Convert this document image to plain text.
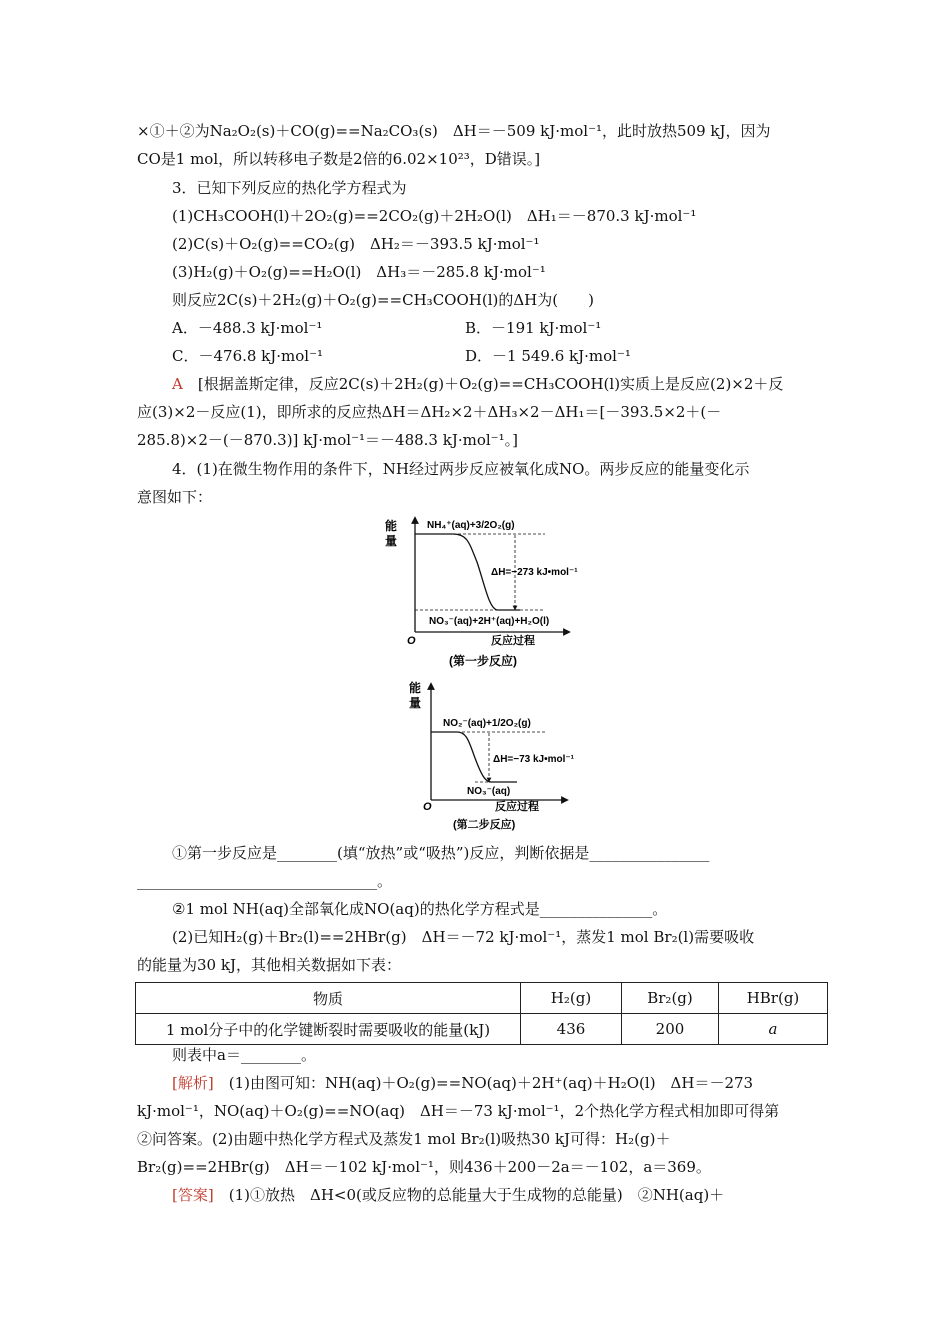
×①＋②为Na₂O₂(s)＋CO(g)==Na₂CO₃(s)　ΔH＝－509 kJ·mol⁻¹，此时放热509 kJ，因为
CO是1 mol，所以转移电子数是2倍的6.02×10²³，D错误。]
3．已知下列反应的热化学方程式为
(1)CH₃COOH(l)＋2O₂(g)==2CO₂(g)＋2H₂O(l)　ΔH₁＝－870.3 kJ·mol⁻¹
(2)C(s)＋O₂(g)==CO₂(g)　ΔH₂＝－393.5 kJ·mol⁻¹
(3)H₂(g)＋O₂(g)==H₂O(l)　ΔH₃＝－285.8 kJ·mol⁻¹
则反应2C(s)＋2H₂(g)＋O₂(g)==CH₃COOH(l)的ΔH为(　　)
A．－488.3 kJ·mol⁻¹	B．－191 kJ·mol⁻¹
C．－476.8 kJ·mol⁻¹	D．－1 549.6 kJ·mol⁻¹
A　 [根据盖斯定律，反应2C(s)＋2H₂(g)＋O₂(g)==CH₃COOH(l)实质上是反应(2)×2＋反
应(3)×2－反应(1)，即所求的反应热ΔH＝ΔH₂×2＋ΔH₃×2－ΔH₁＝[－393.5×2＋(－
285.8)×2－(－870.3)] kJ·mol⁻¹＝－488.3 kJ·mol⁻¹。]
4．(1)在微生物作用的条件下，NH经过两步反应被氧化成NO。两步反应的能量变化示
意图如下：
能
量
NH₄⁺(aq)+3/2O₂(g)
ΔH=−273 kJ•mol⁻¹
NO₃⁻(aq)+2H⁺(aq)+H₂O(l)
O	反应过程
(第一步反应)
能
量
NO₂⁻(aq)+1/2O₂(g)
ΔH=−73 kJ•mol⁻¹
NO₃⁻(aq)
O	反应过程
(第二步反应)
①第一步反应是________(填“放热”或“吸热”)反应，判断依据是________________
________________________________。
②1 mol NH(aq)全部氧化成NO(aq)的热化学方程式是_______________。
(2)已知H₂(g)＋Br₂(l)==2HBr(g)　ΔH＝－72 kJ·mol⁻¹，蒸发1 mol Br₂(l)需要吸收
的能量为30 kJ，其他相关数据如下表：
物质	H₂(g)	Br₂(g)	HBr(g)
1 mol分子中的化学键断裂时需要吸收的能量(kJ)	436	200	a
则表中a＝________。
[解析]　 (1)由图可知：NH(aq)＋O₂(g)==NO(aq)＋2H⁺(aq)＋H₂O(l)　ΔH＝－273
kJ·mol⁻¹，NO(aq)＋O₂(g)==NO(aq)　ΔH＝－73 kJ·mol⁻¹，2个热化学方程式相加即可得第
②问答案。(2)由题中热化学方程式及蒸发1 mol Br₂(l)吸热30 kJ可得：H₂(g)＋
Br₂(g)==2HBr(g)　ΔH＝－102 kJ·mol⁻¹，则436＋200－2a＝－102，a＝369。
[答案]　 (1)①放热　ΔH<0(或反应物的总能量大于生成物的总能量)　②NH(aq)＋
